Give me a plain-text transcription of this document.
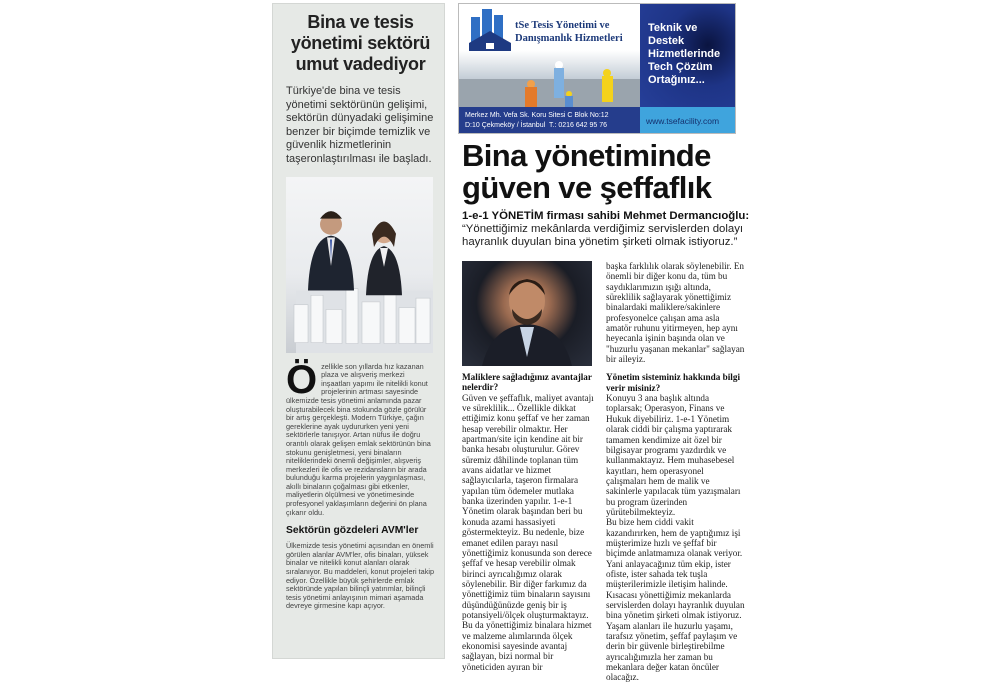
Bina ve tesis yönetimi sektörü umut vadediyor
Türkiye'de bina ve tesis yönetimi sektörünün gelişimi, sektörün dünyadaki gelişimine benzer bir biçimde temizlik ve güvenlik hizmetlerinin taşeronlaştırılması ile başladı.
Özellikle son yıllarda hız kazanan plaza ve alışveriş merkezi inşaatları yapımı ile nitelikli konut projelerinin artması sayesinde ülkemizde tesis yönetimi anlamında pazar oluşturabilecek bina stokunda gözle görülür bir artış gerçekleşti. Modern Türkiye, çağın gereklerine ayak uydururken yeni yeni sektörlerle tanışıyor. Artan nüfus ile doğru orantılı olarak gelişen emlak sektörünün bina stokunu genişletmesi, yeni binaların niteliklerindeki önemli değişimler, alışveriş merkezleri ile ofis ve rezidansların bir arada bulunduğu karma projelerin yaygınlaşması, akıllı binaların çoğalması gibi etkenler, maliyetlerin ölçülmesi ve yönetimesinde profesyonel yaklaşımların değerini ön plana çıkarır oldu.
Sektörün gözdeleri AVM'ler
Ülkemizde tesis yönetimi açısından en önemli görülen alanlar AVM'ler, ofis binaları, yüksek binalar ve nitelikli konut alanları olarak sıralanıyor. Bu maddeleri, konut projeleri takip ediyor. Özellikle büyük şehirlerde emlak sektöründe yapılan bilinçli yatırımlar, bilinçli tesis yönetimi anlayışının mimari aşamada devreye girmesine kapı açıyor.
tSe Tesis Yönetimi ve Danışmanlık Hizmetleri
Teknik ve Destek Hizmetlerinde Tech Çözüm Ortağınız...
Merkez Mh. Vefa Sk. Koru Sitesi C Blok No:12
D:10 Çekmeköy / İstanbul T.: 0216 642 95 76	www.tsefacility.com
Bina yönetiminde güven ve şeffaflık
1-e-1 YÖNETİM firması sahibi Mehmet Dermancıoğlu: “Yönettiğimiz mekânlarda verdiğimiz servislerden dolayı hayranlık duyulan bina yönetim şirketi olmak istiyoruz.”
Maliklere sağladığınız avantajlar nelerdir?
Güven ve şeffaflık, maliyet avantajı ve süreklilik... Özellikle dikkat ettiğimiz konu şeffaf ve her zaman hesap verebilir olmaktır. Her apartman/site için kendine ait bir banka hesabı oluşturulur. Görev süremiz dâhilinde toplanan tüm avans aidatlar ve hizmet sağlayıcılarla, taşeron firmalara yapılan tüm ödemeler mutlaka banka üzerinden yapılır. 1-e-1 Yönetim olarak başından beri bu konuda azami hassasiyeti göstermekteyiz. Bu nedenle, bize emanet edilen parayı nasıl yönettiğimiz konusunda son derece şeffaf ve hesap verebilir olmak birinci ayrıcalığımız olarak söylenebilir. Bir diğer farkımız da yönettiğimiz tüm binaların sayısını düşündüğünüzde geniş bir iş potansiyeli/ölçek oluşturmaktayız. Bu da yönettiğimiz binalara hizmet ve malzeme alımlarında ölçek ekonomisi sayesinde avantaj sağlayan, bizi normal bir yöneticiden ayıran bir
başka farklılık olarak söylenebilir. En önemli bir diğer konu da, tüm bu saydıklarımızın ışığı altında, süreklilik sağlayarak yönettiğimiz binalardaki maliklere/sakinlere profesyonelce çalışan ama asla amatör ruhunu yitirmeyen, hep aynı heyecanla işinin başında olan ve "huzurlu yaşanan mekanlar" sağlayan bir aileyiz.

Yönetim sisteminiz hakkında bilgi verir misiniz?

Konuyu 3 ana başlık altında toplarsak; Operasyon, Finans ve Hukuk diyebiliriz. 1-e-1 Yönetim olarak ciddi bir çalışma yaptırarak tamamen kendimize ait özel bir bilgisayar programı yazdırdık ve kullanmaktayız. Hem muhasebesel kayıtları, hem operasyonel çalışmaları hem de malik ve sakinlerle yapılacak tüm yazışmaları bu program üzerinden yürütebilmekteyiz.
Bu bize hem ciddi vakit kazandırırken, hem de yaptığımız işi müşterimize hızlı ve şeffaf bir biçimde anlatmamıza olanak veriyor. Yani anlayacağınız tüm ekip, ister ofiste, ister sahada tek tuşla müşterilerimizle iletişim halinde.
Kısacası yönettiğimiz mekanlarda servislerden dolayı hayranlık duyulan bina yönetim şirketi olmak istiyoruz. Yaşam alanları ile huzurlu yaşamı, tarafsız yönetim, şeffaf paylaşım ve derin bir güvenle birleştirebilme ayrıcalığımızla her zaman bu mekanlara değer katan öncüler olacağız.
